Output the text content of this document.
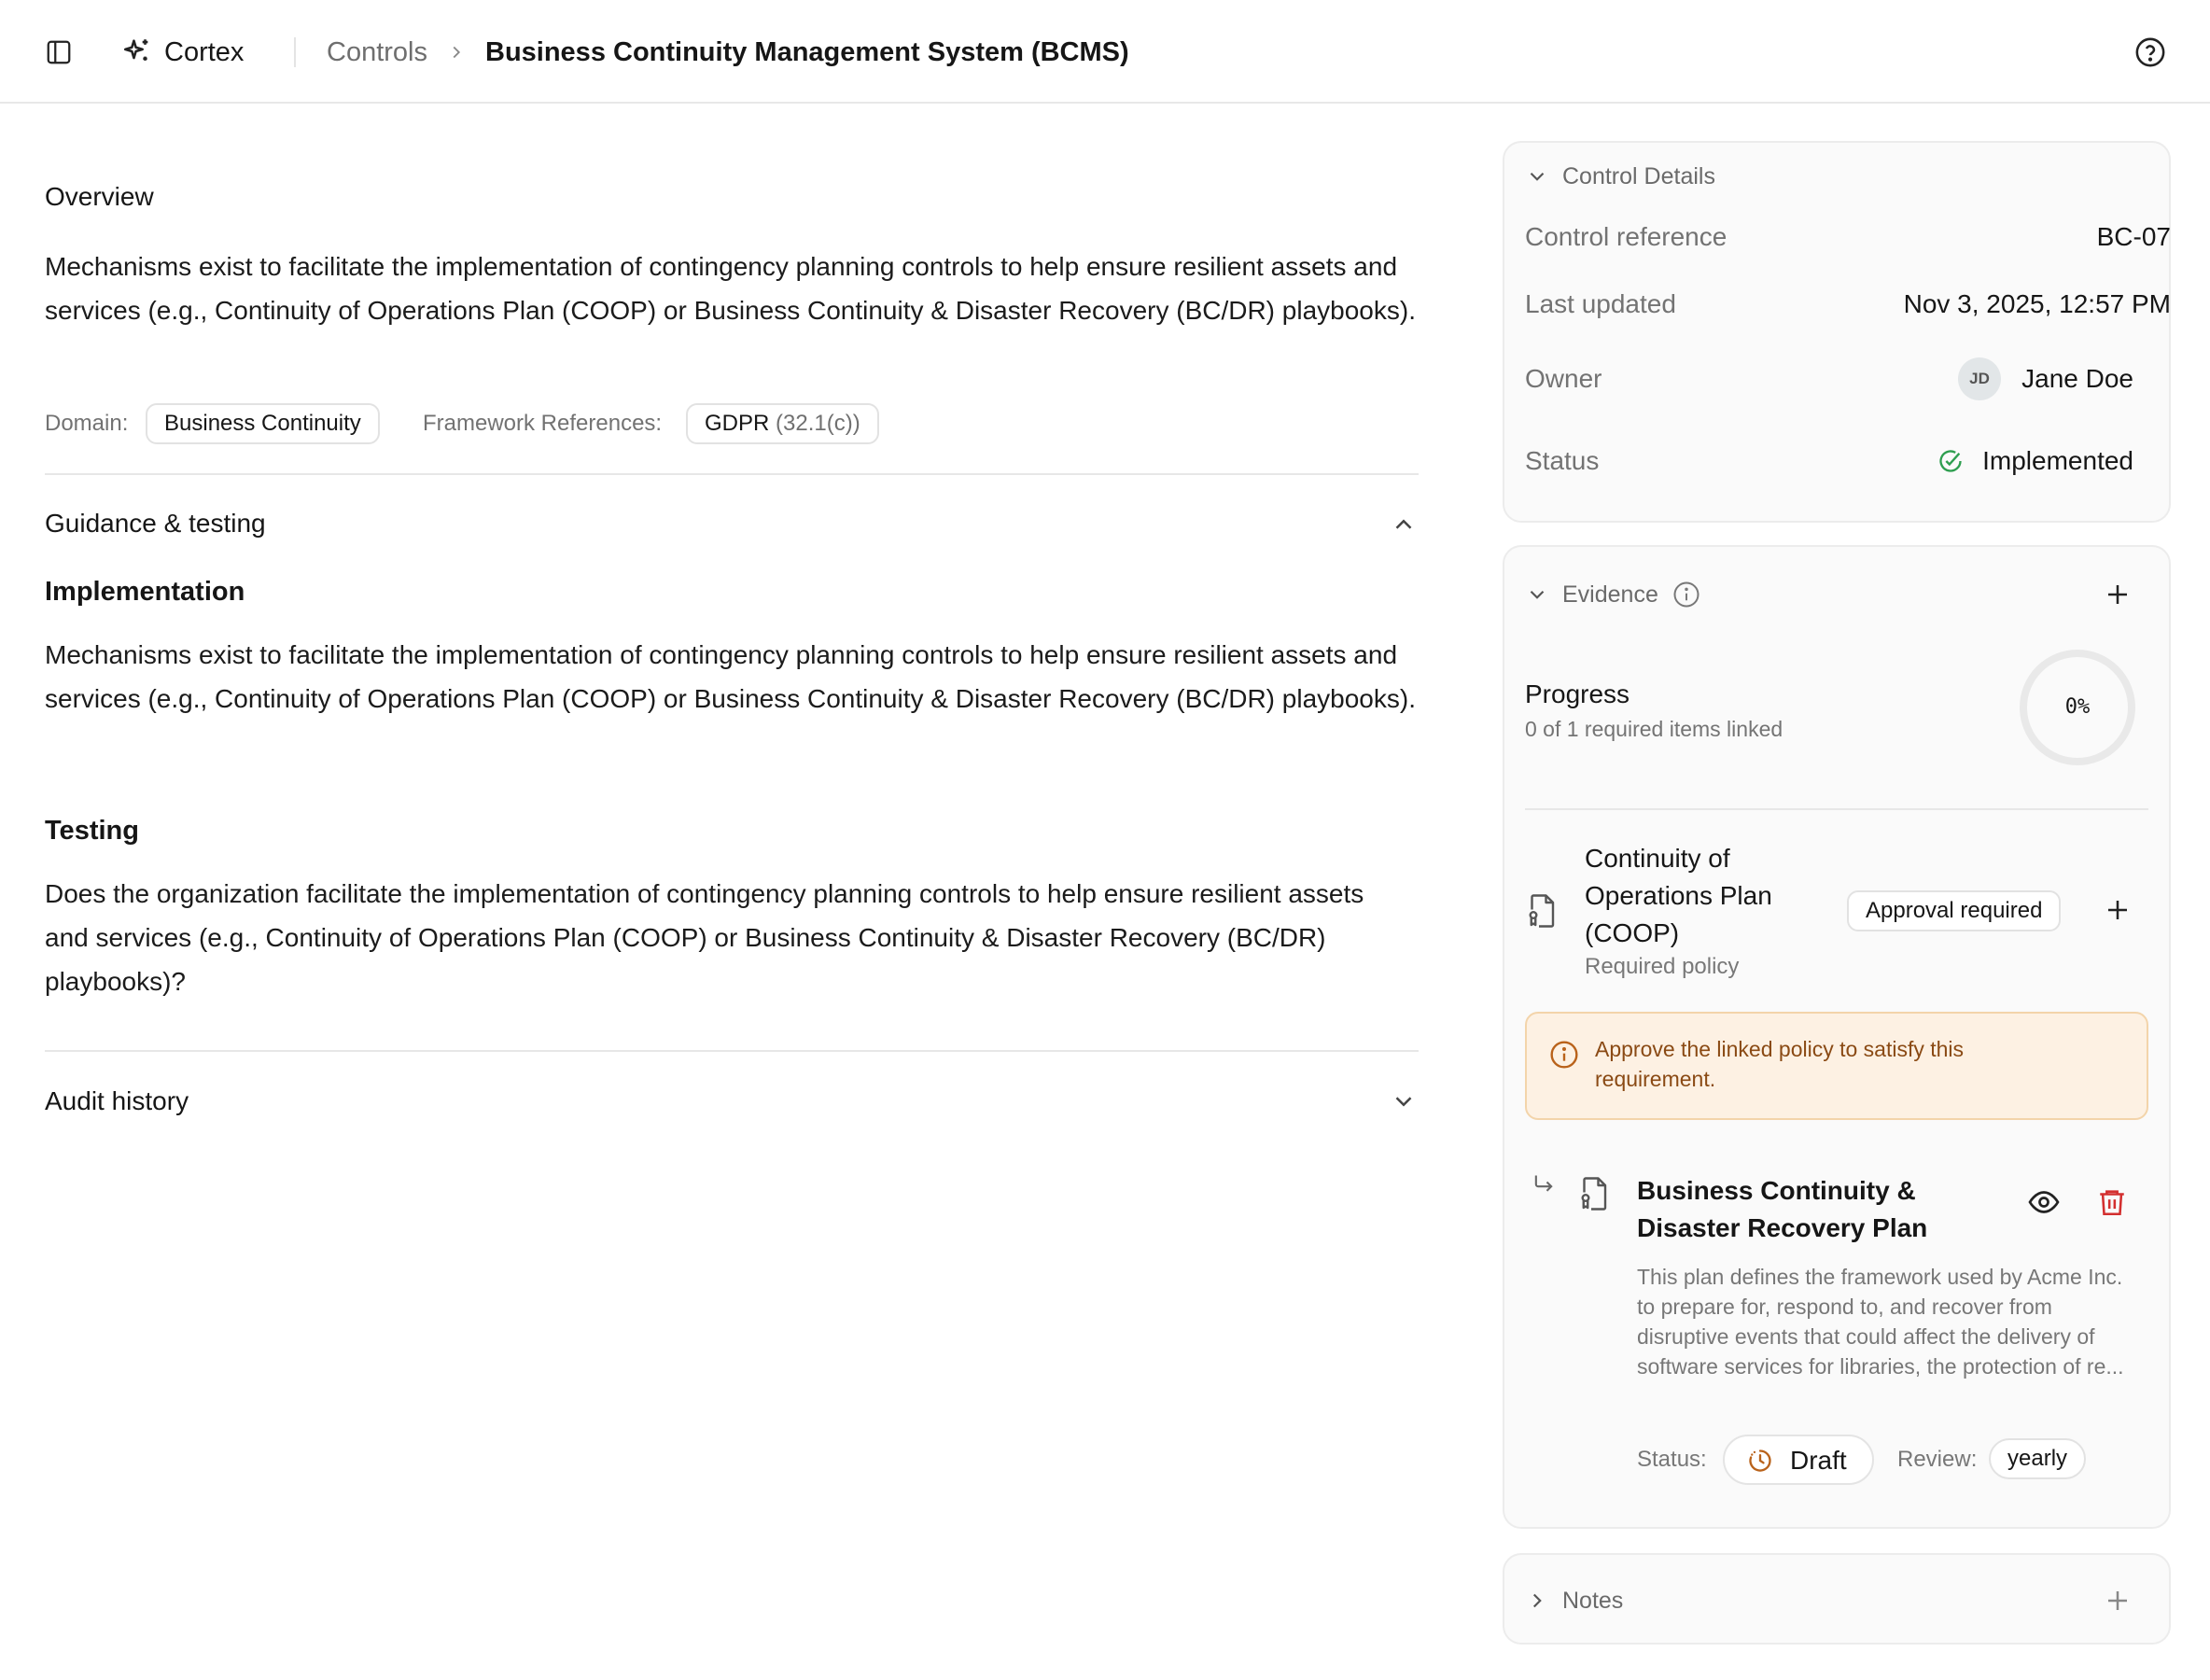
Cortex	Controls Business Continuity Management System (BCMS)
Overview
Mechanisms exist to facilitate the implementation of contingency planning controls to help ensure resilient assets and services (e.g., Continuity of Operations Plan (COOP) or Business Continuity & Disaster Recovery (BC/DR) playbooks).
Domain:	Business Continuity	Framework References:	GDPR (32.1(c))
Guidance & testing
Implementation
Mechanisms exist to facilitate the implementation of contingency planning controls to help ensure resilient assets and services (e.g., Continuity of Operations Plan (COOP) or Business Continuity & Disaster Recovery (BC/DR) playbooks).
Testing
Does the organization facilitate the implementation of contingency planning controls to help ensure resilient assets and services (e.g., Continuity of Operations Plan (COOP) or Business Continuity & Disaster Recovery (BC/DR) playbooks)?
Audit history
Control Details
Control reference	BC-07
Last updated	Nov 3, 2025, 12:57 PM
Owner	JD	Jane Doe
Status	Implemented
Evidence
Progress
0 of 1 required items linked
0%
Continuity of Operations Plan (COOP)
Required policy
Approval required
Approve the linked policy to satisfy this requirement.
Business Continuity & Disaster Recovery Plan
This plan defines the framework used by Acme Inc. to prepare for, respond to, and recover from disruptive events that could affect the delivery of software services for libraries, the protection of re...
Status:	Draft Review:	yearly
Notes
